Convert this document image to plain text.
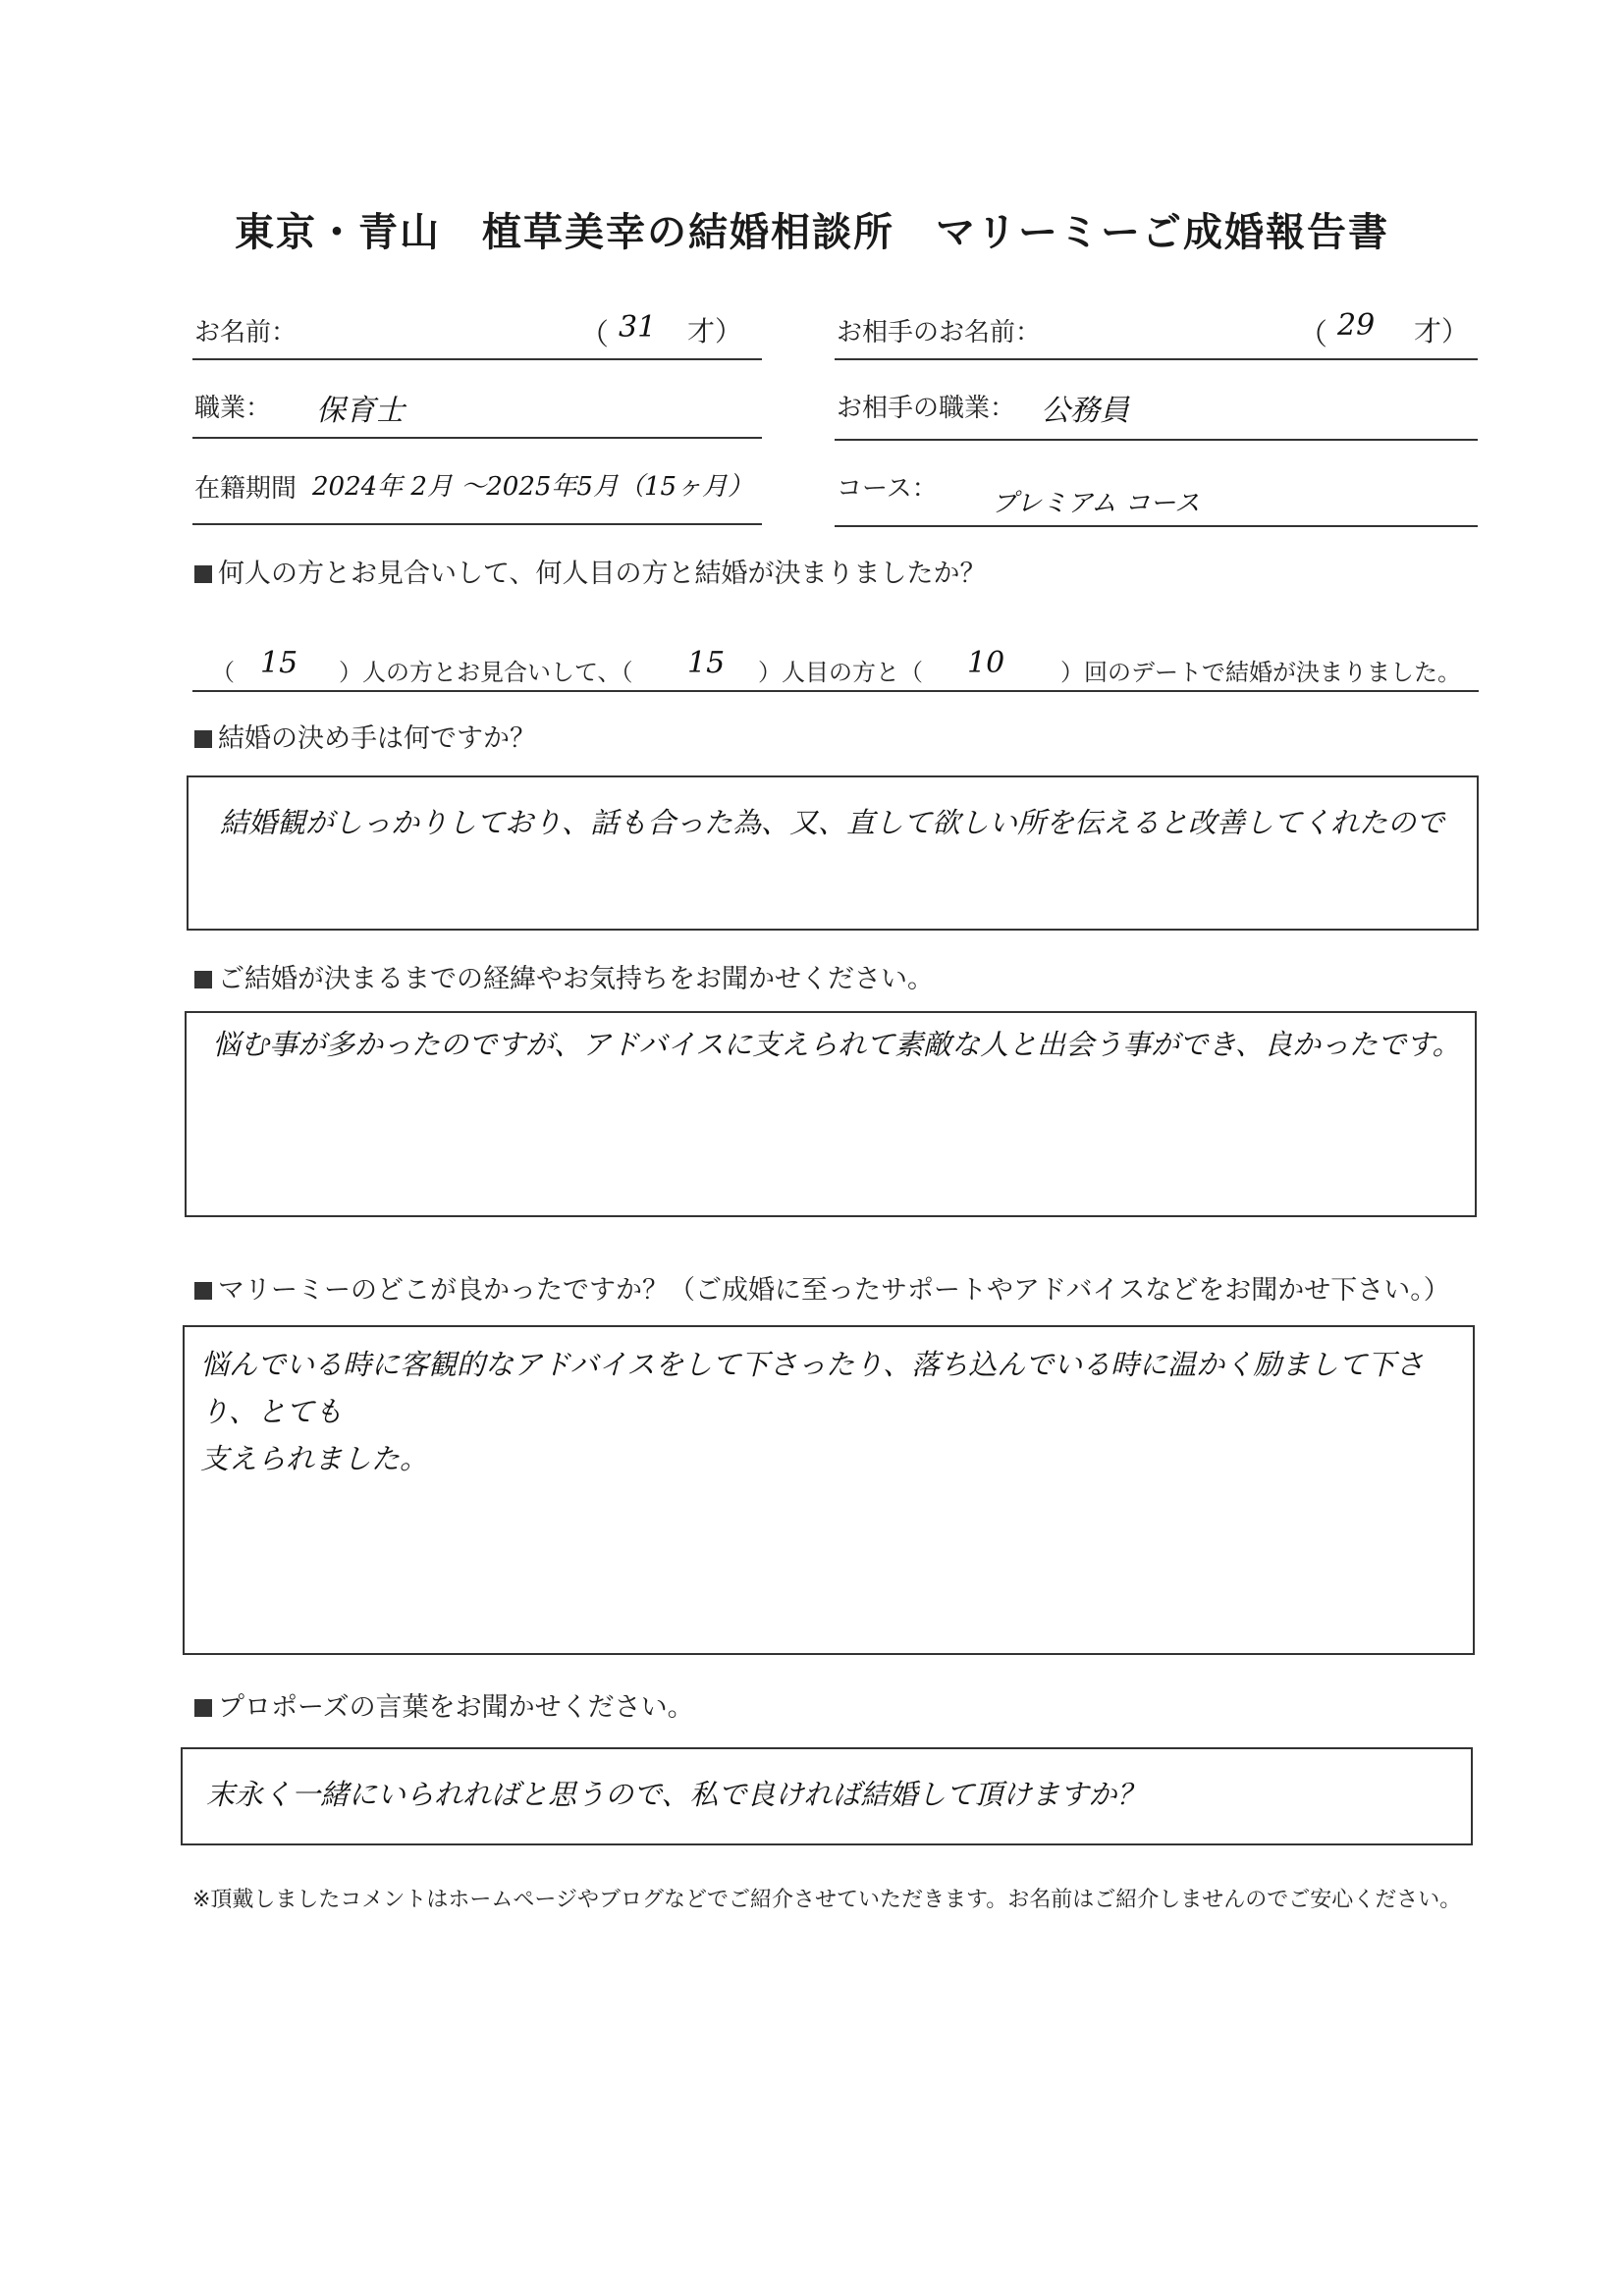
東京・青山　植草美幸の結婚相談所　マリーミーご成婚報告書
お名前：	（ 31 才）	お相手のお名前：	（ 29 才）
職業： 保育士	お相手の職業： 公務員
在籍期間 2024年 2月 〜2025年5月（15ヶ月）	コース： プレミアム コース
何人の方とお見合いして、何人目の方と結婚が決まりましたか？
（ 15 ）人の方とお見合いして、（ 15 ）人目の方と（ 10 ）回のデートで結婚が決まりました。
結婚の決め手は何ですか？
結婚観がしっかりしており、話も合った為、又、直して欲しい所を伝えると改善してくれたので
ご結婚が決まるまでの経緯やお気持ちをお聞かせください。
悩む事が多かったのですが、アドバイスに支えられて素敵な人と出会う事ができ、良かったです。
マリーミーのどこが良かったですか？（ご成婚に至ったサポートやアドバイスなどをお聞かせ下さい。）
悩んでいる時に客観的なアドバイスをして下さったり、落ち込んでいる時に温かく励まして下さり、とても
支えられました。
プロポーズの言葉をお聞かせください。
末永く一緒にいられればと思うので、私で良ければ結婚して頂けますか？
※頂戴しましたコメントはホームページやブログなどでご紹介させていただきます。お名前はご紹介しませんのでご安心ください。
